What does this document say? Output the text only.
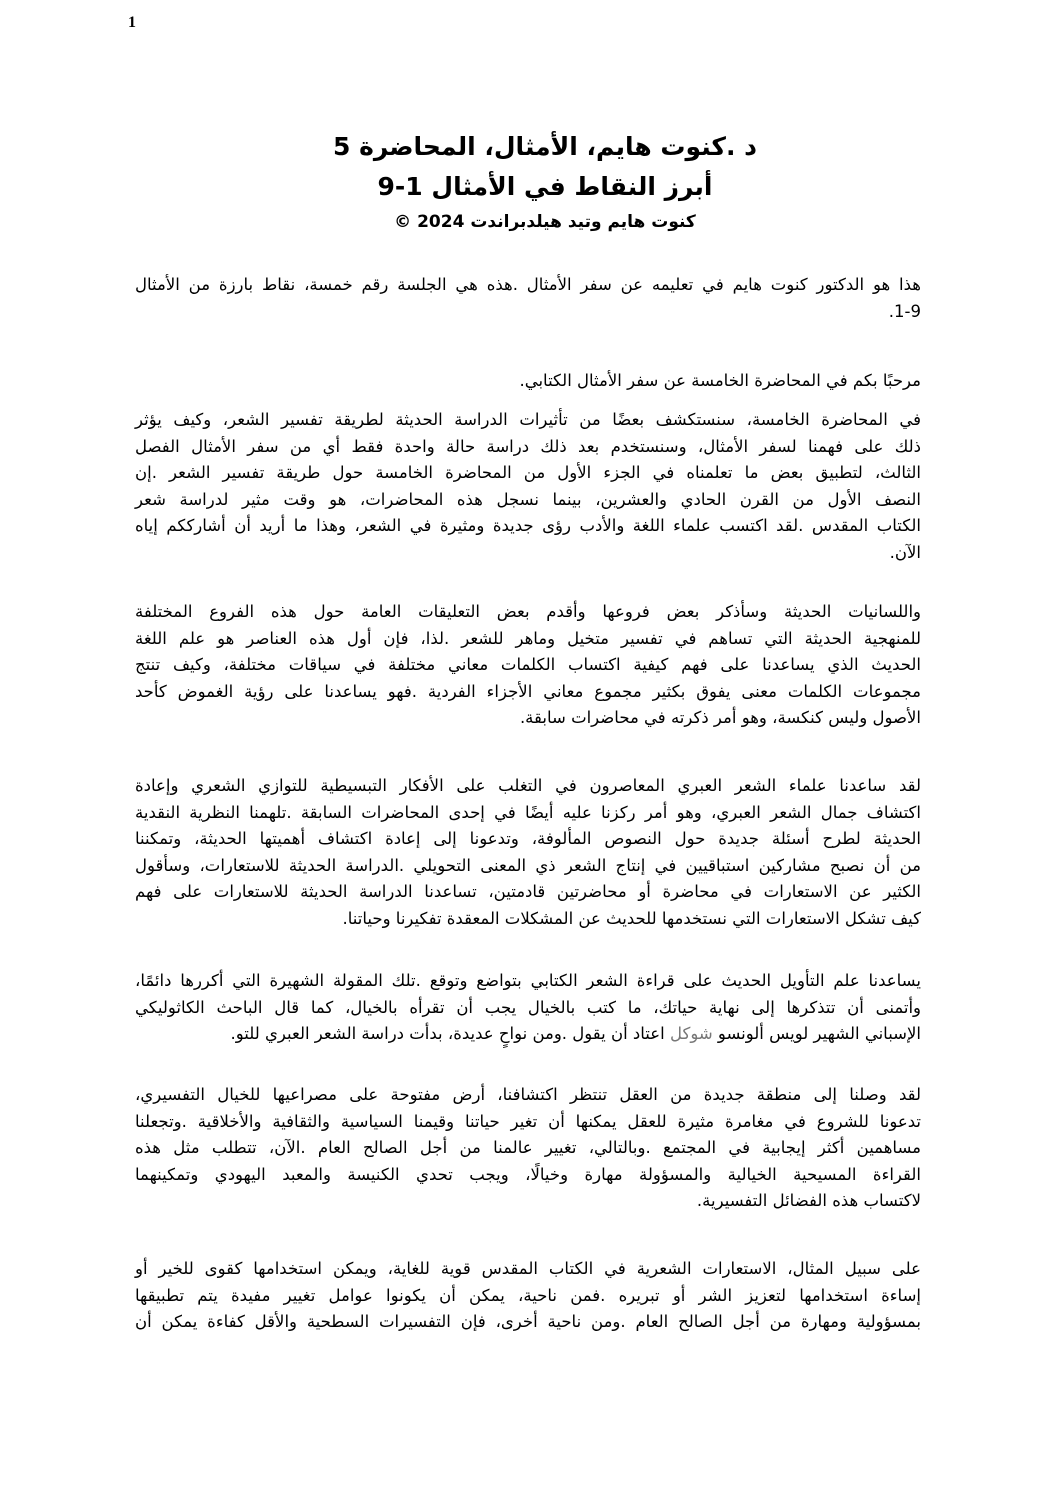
1
د .كنوت هايم، الأمثال، المحاضرة 5
أبرز النقاط في الأمثال 1-9
كنوت هايم وتيد هيلدبراندت 2024 ©
هذا هو الدكتور كنوت هايم في تعليمه عن سفر الأمثال .هذه هي الجلسة رقم خمسة، نقاط بارزة من الأمثال
1-9.
مرحبًا بكم في المحاضرة الخامسة عن سفر الأمثال الكتابي.
في المحاضرة الخامسة، سنستكشف بعضًا من تأثيرات الدراسة الحديثة لطريقة تفسير الشعر، وكيف يؤثر
ذلك على فهمنا لسفر الأمثال، وسنستخدم بعد ذلك دراسة حالة واحدة فقط أي من سفر الأمثال الفصل
الثالث، لتطبيق بعض ما تعلمناه في الجزء الأول من المحاضرة الخامسة حول طريقة تفسير الشعر .إن
النصف الأول من القرن الحادي والعشرين، بينما نسجل هذه المحاضرات، هو وقت مثير لدراسة شعر
الكتاب المقدس .لقد اكتسب علماء اللغة والأدب رؤى جديدة ومثيرة في الشعر، وهذا ما أريد أن أشارككم إياه
الآن.
واللسانيات الحديثة وسأذكر بعض فروعها وأقدم بعض التعليقات العامة حول هذه الفروع المختلفة
للمنهجية الحديثة التي تساهم في تفسير متخيل وماهر للشعر .لذا، فإن أول هذه العناصر هو علم اللغة
الحديث الذي يساعدنا على فهم كيفية اكتساب الكلمات معاني مختلفة في سياقات مختلفة، وكيف تنتج
مجموعات الكلمات معنى يفوق بكثير مجموع معاني الأجزاء الفردية .فهو يساعدنا على رؤية الغموض كأحد
الأصول وليس كنكسة، وهو أمر ذكرته في محاضرات سابقة.
لقد ساعدنا علماء الشعر العبري المعاصرون في التغلب على الأفكار التبسيطية للتوازي الشعري وإعادة
اكتشاف جمال الشعر العبري، وهو أمر ركزنا عليه أيضًا في إحدى المحاضرات السابقة .تلهمنا النظرية النقدية
الحديثة لطرح أسئلة جديدة حول النصوص المألوفة، وتدعونا إلى إعادة اكتشاف أهميتها الحديثة، وتمكننا
من أن نصبح مشاركين استباقيين في إنتاج الشعر ذي المعنى التحويلي .الدراسة الحديثة للاستعارات، وسأقول
الكثير عن الاستعارات في محاضرة أو محاضرتين قادمتين، تساعدنا الدراسة الحديثة للاستعارات على فهم
كيف تشكل الاستعارات التي نستخدمها للحديث عن المشكلات المعقدة تفكيرنا وحياتنا.
يساعدنا علم التأويل الحديث على قراءة الشعر الكتابي بتواضع وتوقع .تلك المقولة الشهيرة التي أكررها دائمًا،
وأتمنى أن تتذكرها إلى نهاية حياتك، ما كتب بالخيال يجب أن تقرأه بالخيال، كما قال الباحث الكاثوليكي
الإسباني الشهير لويس ألونسو شوكل اعتاد أن يقول .ومن نواحٍ عديدة، بدأت دراسة الشعر العبري للتو.
لقد وصلنا إلى منطقة جديدة من العقل تنتظر اكتشافنا، أرض مفتوحة على مصراعيها للخيال التفسيري،
تدعونا للشروع في مغامرة مثيرة للعقل يمكنها أن تغير حياتنا وقيمنا السياسية والثقافية والأخلاقية .وتجعلنا
مساهمين أكثر إيجابية في المجتمع .وبالتالي، تغيير عالمنا من أجل الصالح العام .الآن، تتطلب مثل هذه
القراءة المسيحية الخيالية والمسؤولة مهارة وخيالًا، ويجب تحدي الكنيسة والمعبد اليهودي وتمكينهما
لاكتساب هذه الفضائل التفسيرية.
على سبيل المثال، الاستعارات الشعرية في الكتاب المقدس قوية للغاية، ويمكن استخدامها كقوى للخير أو
إساءة استخدامها لتعزيز الشر أو تبريره .فمن ناحية، يمكن أن يكونوا عوامل تغيير مفيدة يتم تطبيقها
بمسؤولية ومهارة من أجل الصالح العام .ومن ناحية أخرى، فإن التفسيرات السطحية والأقل كفاءة يمكن أن
